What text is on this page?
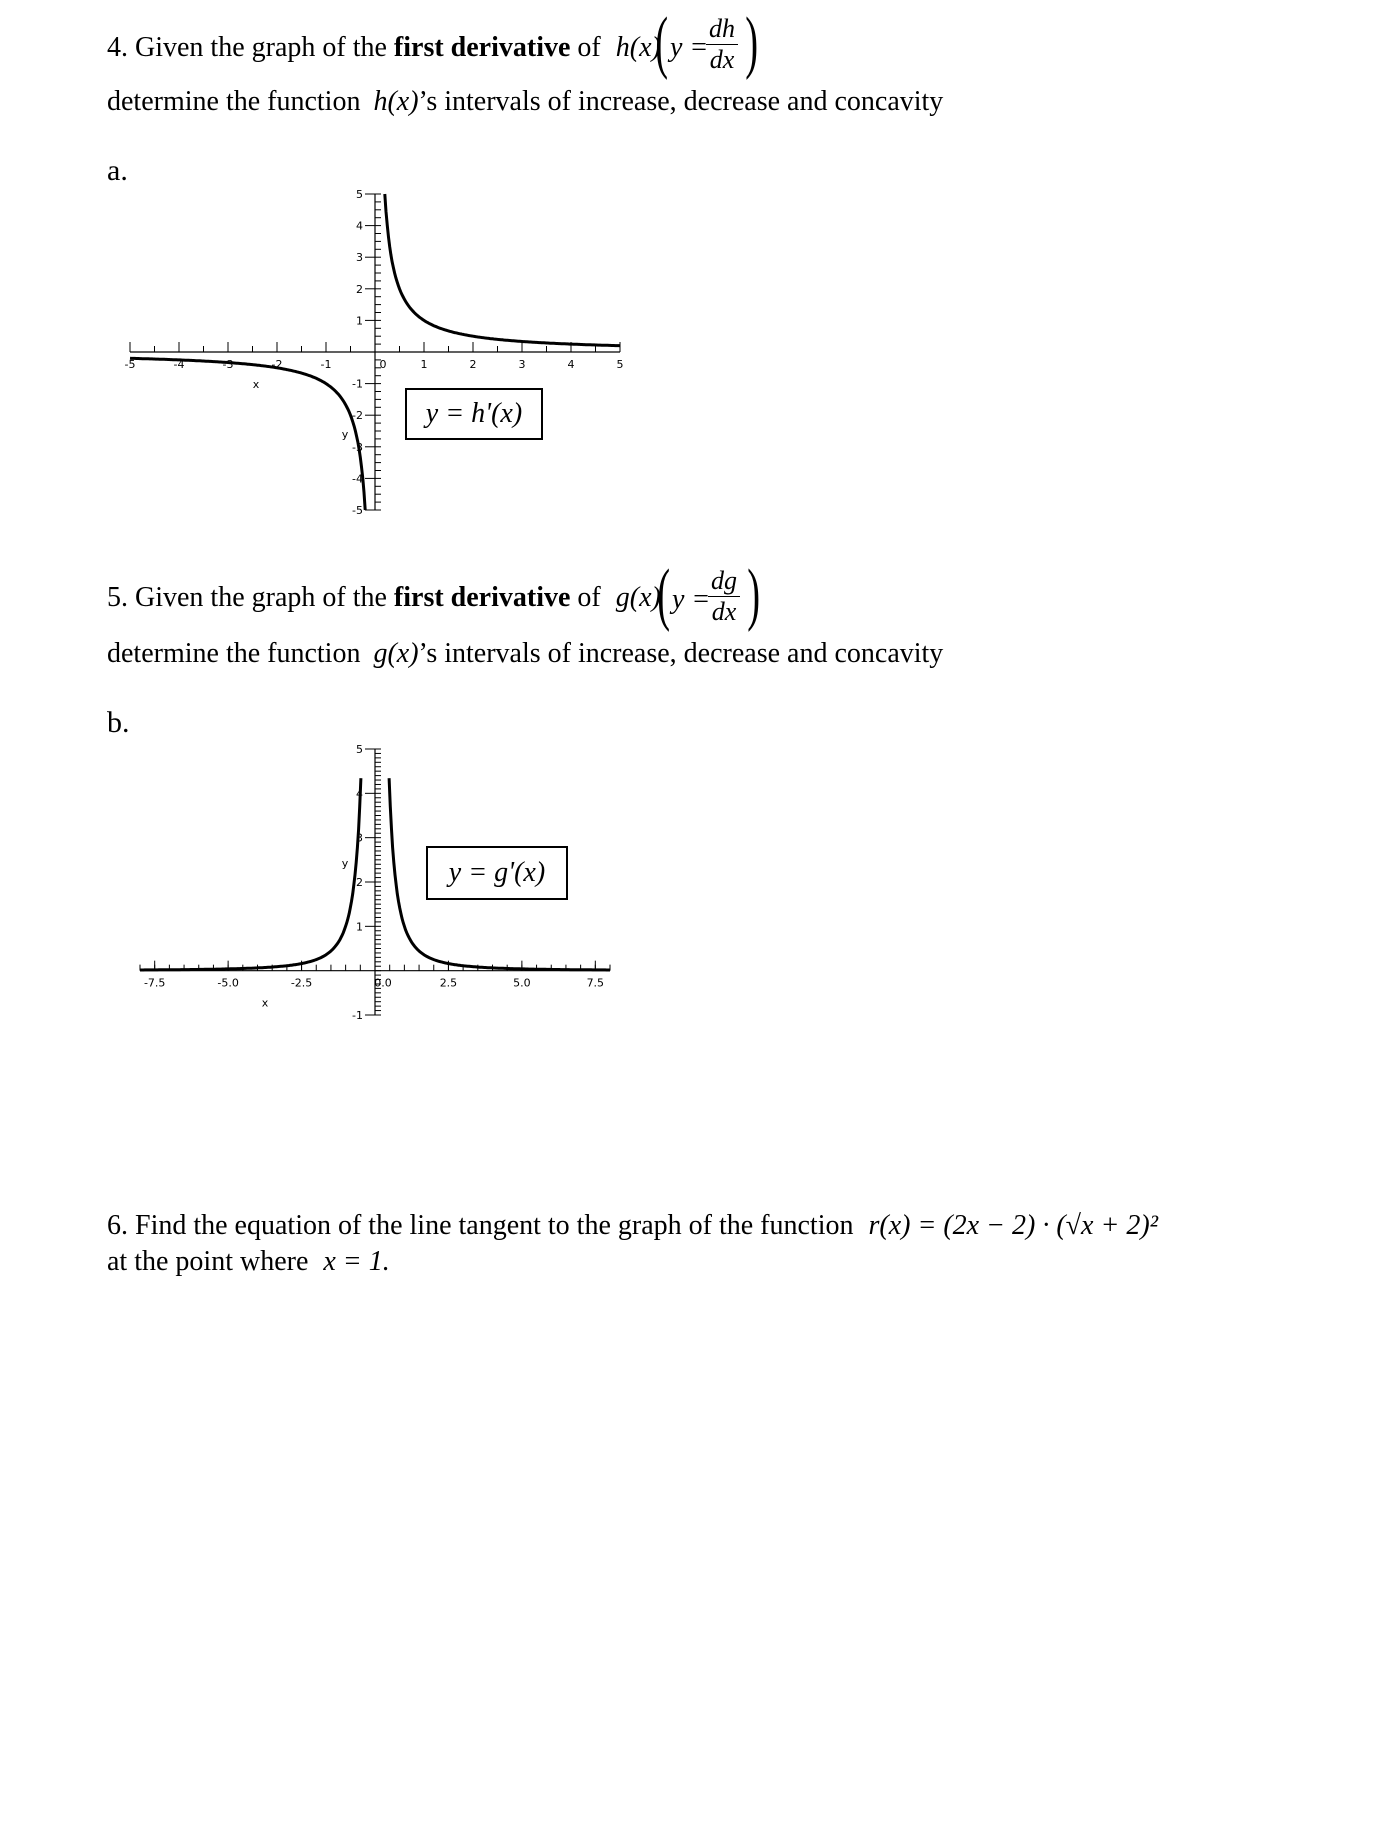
4. Given the graph of the first derivative of h(x)
( y =
$\frac{dh}{dx}$ )
determine the function h(x)’s intervals of increase, decrease and concavity
a.
-5	-4	-3	-2	-1	0	1	2	3	4	5
-5
-4
-3
-2
-1
1
2
3
4
5
x
y
y = h'(x)
5. Given the graph of the first derivative of g(x)
( y =
$\frac{dg}{dx}$ )
determine the function g(x)’s intervals of increase, decrease and concavity
b.
-7.5	-5.0	-2.5	0.0	2.5	5.0	7.5
-1
1
2
3
4
5
x
y	y = g'(x)
6. Find the equation of the line tangent to the graph of the function r(x) = (2x − 2) · (√x + 2)²
at the point where x = 1.
